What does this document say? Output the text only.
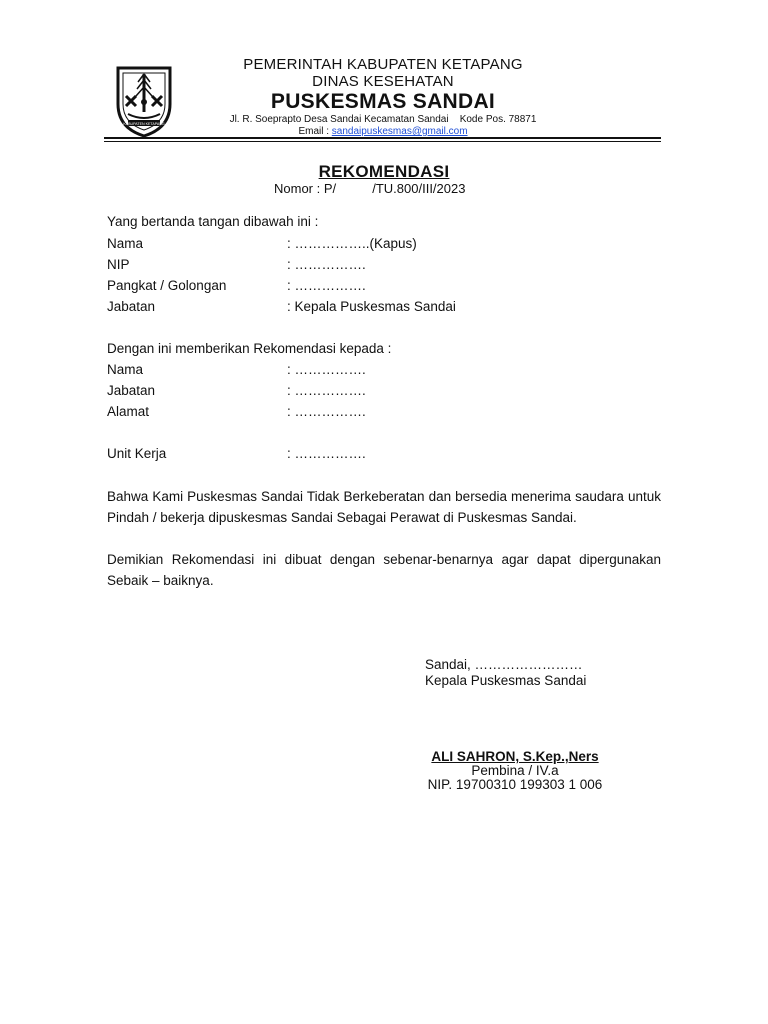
KABUPATEN KETAPANG
PEMERINTAH KABUPATEN KETAPANG
DINAS KESEHATAN
PUSKESMAS SANDAI
Jl. R. Soeprapto Desa Sandai Kecamatan Sandai    Kode Pos. 78871
Email : sandaipuskesmas@gmail.com
REKOMENDASI
Nomor : P/          /TU.800/III/2023
Yang bertanda tangan dibawah ini :
Nama	: ……………..(Kapus)
NIP	: …………….
Pangkat / Golongan	: …………….
Jabatan	: Kepala Puskesmas Sandai
Dengan ini memberikan Rekomendasi kepada :
Nama	: …………….
Jabatan	: …………….
Alamat	: …………….
Unit Kerja	: …………….
Bahwa Kami Puskesmas Sandai Tidak Berkeberatan dan bersedia menerima saudara untuk Pindah / bekerja dipuskesmas Sandai Sebagai Perawat di Puskesmas Sandai.
Demikian Rekomendasi ini dibuat dengan sebenar-benarnya agar dapat dipergunakan Sebaik – baiknya.
Sandai, ……………………
Kepala Puskesmas Sandai
ALI SAHRON, S.Kep.,Ners
Pembina / IV.a
NIP. 19700310 199303 1 006
